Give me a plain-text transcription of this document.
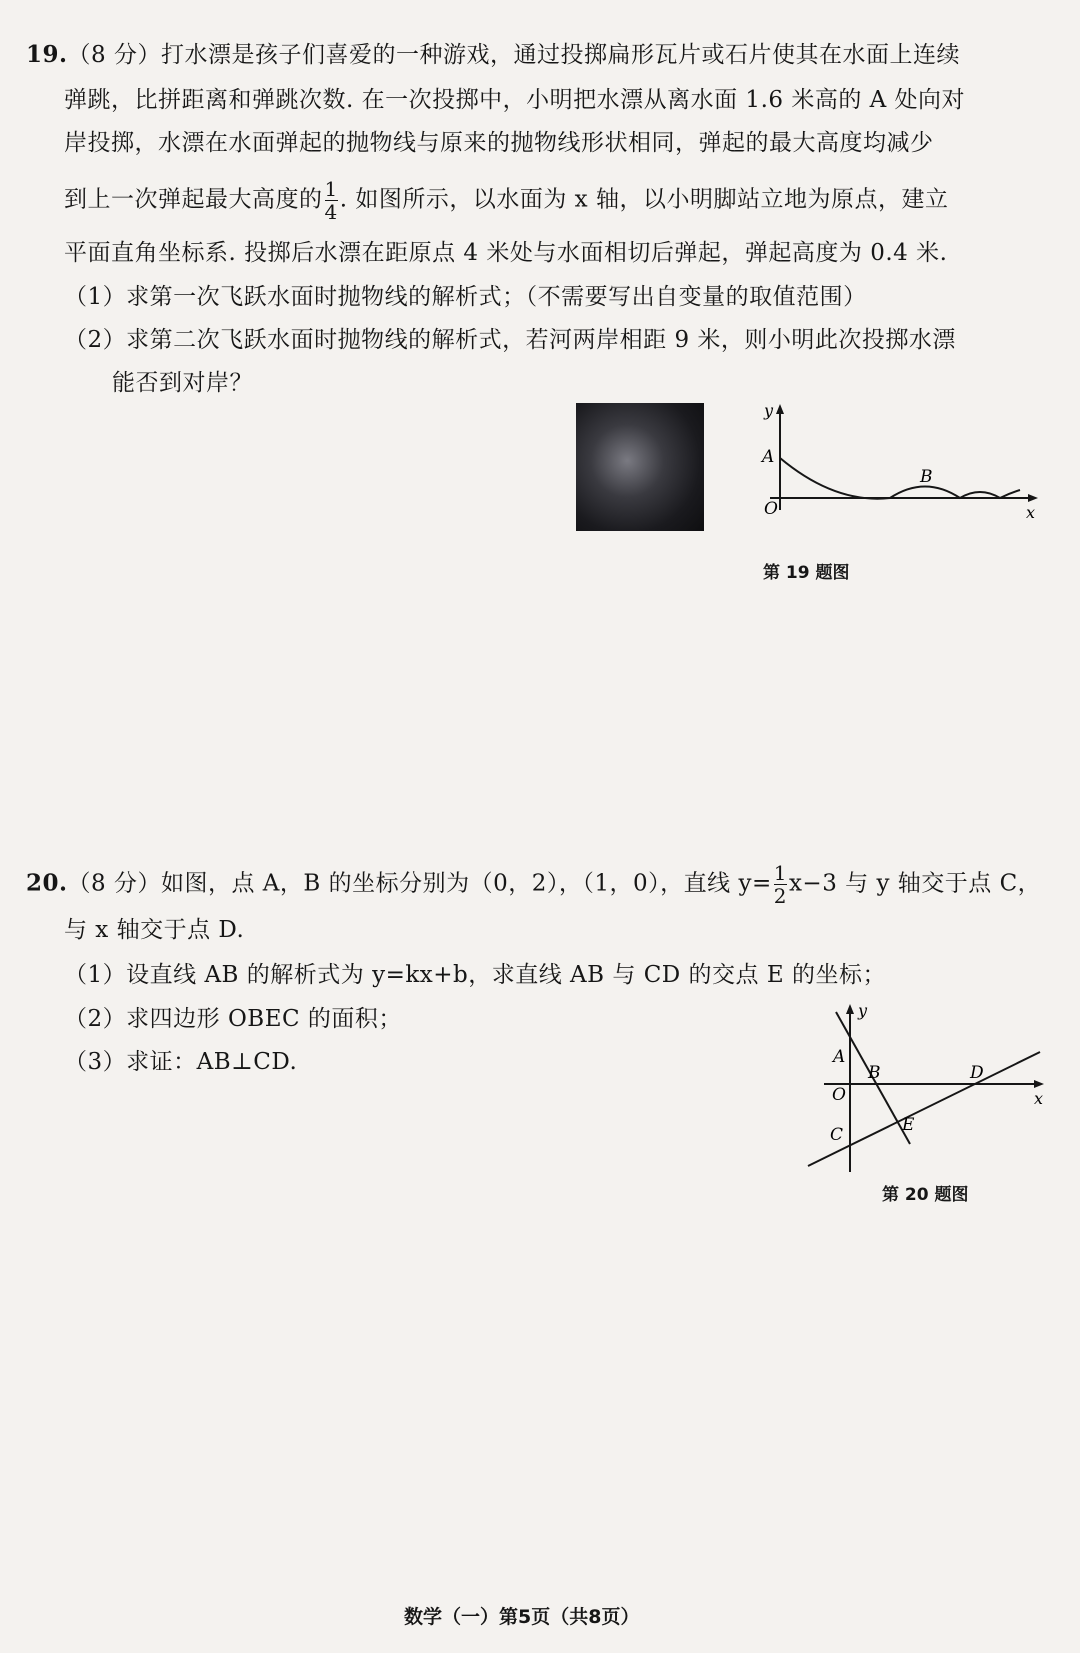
19.（8 分）打水漂是孩子们喜爱的一种游戏，通过投掷扁形瓦片或石片使其在水面上连续
弹跳，比拼距离和弹跳次数. 在一次投掷中，小明把水漂从离水面 1.6 米高的 A 处向对
岸投掷，水漂在水面弹起的抛物线与原来的抛物线形状相同，弹起的最大高度均减少
到上一次弹起最大高度的 $\frac{1}{4}$ . 如图所示，以水面为 x 轴，以小明脚站立地为原点，建立
平面直角坐标系. 投掷后水漂在距原点 4 米处与水面相切后弹起，弹起高度为 0.4 米.
（1）求第一次飞跃水面时抛物线的解析式；（不需要写出自变量的取值范围）
（2）求第二次飞跃水面时抛物线的解析式，若河两岸相距 9 米，则小明此次投掷水漂
能否到对岸？
y
x
O
A
B
第 19 题图
20.（8 分）如图，点 A，B 的坐标分别为（0，2），（1，0），直线 $y= \frac{1}{2} x-3$ 与 y 轴交于点 C，
与 x 轴交于点 D.
（1）设直线 AB 的解析式为 y=kx+b，求直线 AB 与 CD 的交点 E 的坐标；
（2）求四边形 OBEC 的面积；
（3）求证：AB⊥CD.
y
x
O
A
B
C
D
E
第 20 题图
数学（一）第5页（共8页）
